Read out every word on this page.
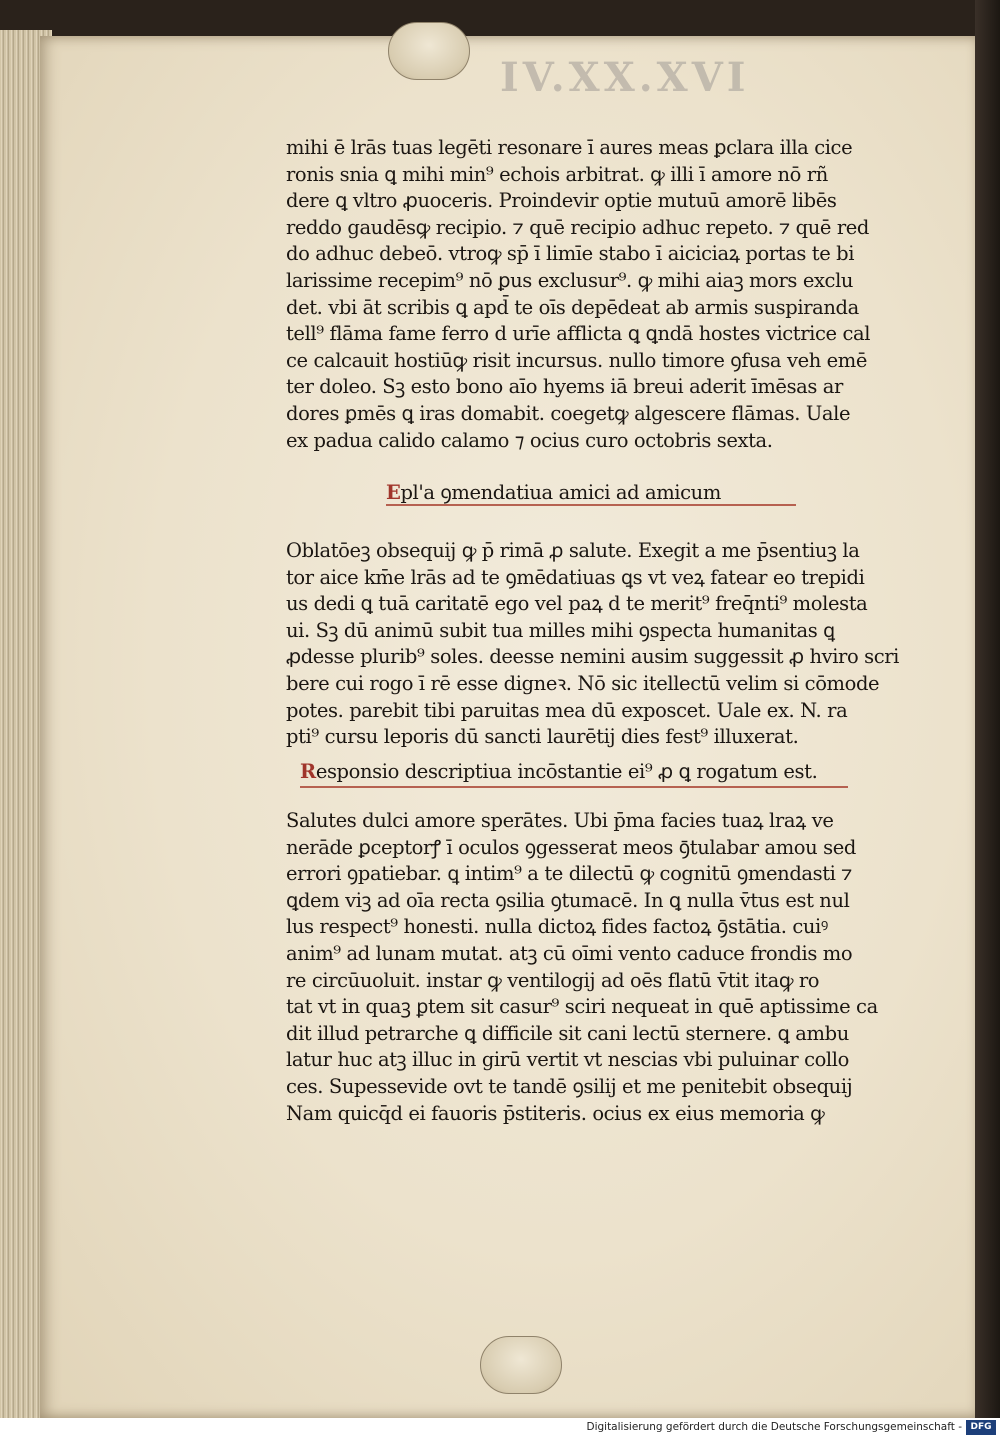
IV.XX.XVI
mihi ē lrās tuas legēti resonare ī aures meas ꝑclara illa cice
ronis snia ꝗ mihi min⁹ echois arbitrat. ꝙ illi ī amore nō rñ
dere ꝗ vltro ꝓuoceris. Proindevir optie mutuū amorē libēs
reddo gaudēsꝙ recipio. ⁊ quē recipio adhuc repeto. ⁊ quē red
do adhuc debeō. vtroꝙ sp̄ ī limīe stabo ī aiciciaꝝ portas te bi
larissime recepim⁹ nō ꝑus exclusur⁹. ꝙ mihi aiaꝫ mors exclu
det. vbi āt scribis ꝗ apd̄ te oīs depēdeat ab armis suspiranda
tell⁹ flāma fame ferro d urīe afflicta ꝗ ꝗndā hostes victrice cal
ce calcauit hostiūꝙ risit incursus. nullo timore ꝯfusa veh emē
ter doleo. Sꝫ esto bono aīo hyems iā breui aderit īmēsas ar
dores ꝑmēs ꝗ iras domabit. coegetꝙ algescere flāmas. Uale
ex padua calido calamo ⁊ ocius curo octobris sexta.
Epl'a ꝯmendatiua amici ad amicum
Oblatōeꝫ obsequij ꝙ p̄ rimā ꝓ salute. Exegit a me p̄sentiuꝫ la
tor aice km̄e lrās ad te ꝯmēdatiuas ꝗs vt veꝝ fatear eo trepidi
us dedi ꝗ tuā caritatē ego vel paꝝ d te merit⁹ freq̄nti⁹ molesta
ui. Sꝫ dū animū subit tua milles mihi ꝯspecta humanitas ꝗ
ꝓdesse plurib⁹ soles. deesse nemini ausim suggessit ꝓ hviro scri
bere cui rogo ī rē esse digneꝛ. Nō sic itellectū velim si cōmode
potes. parebit tibi paruitas mea dū exposcet. Uale ex. N. ra
pti⁹ cursu leporis dū sancti laurētij dies fest⁹ illuxerat.
Responsio descriptiua incōstantie ei⁹ ꝓ ꝗ rogatum est.
Salutes dulci amore sperātes. Ubi p̄ma facies tuaꝝ lraꝝ ve
nerāde ꝑceptorꝭ ī oculos ꝯgesserat meos ꝯ̄tulabar amou sed
errori ꝯpatiebar. ꝗ intim⁹ a te dilectū ꝙ cognitū ꝯmendasti ⁊
ꝗdem viꝫ ad oīa recta ꝯsilia ꝯtumacē. In ꝗ nulla v̄tus est nul
lus respect⁹ honesti. nulla dictoꝝ fides factoꝝ ꝯ̄stātia. cuiꝰ
anim⁹ ad lunam mutat. atꝫ cū oīmi vento caduce frondis mo
re circūuoluit. instar ꝙ ventilogij ad oēs flatū v̄tit itaꝙ ro
tat vt in quaꝫ ꝑtem sit casur⁹ sciri nequeat in quē aptissime ca
dit illud petrarche ꝗ difficile sit cani lectū sternere. ꝗ ambu
latur huc atꝫ illuc in girū vertit vt nescias vbi puluinar collo
ces. Supessevide ovt te tandē ꝯsilij et me penitebit obsequij
Nam quicq̄d ei fauoris p̄stiteris. ocius ex eius memoria ꝙ
Digitalisierung gefördert durch die Deutsche Forschungsgemeinschaft - DFG
